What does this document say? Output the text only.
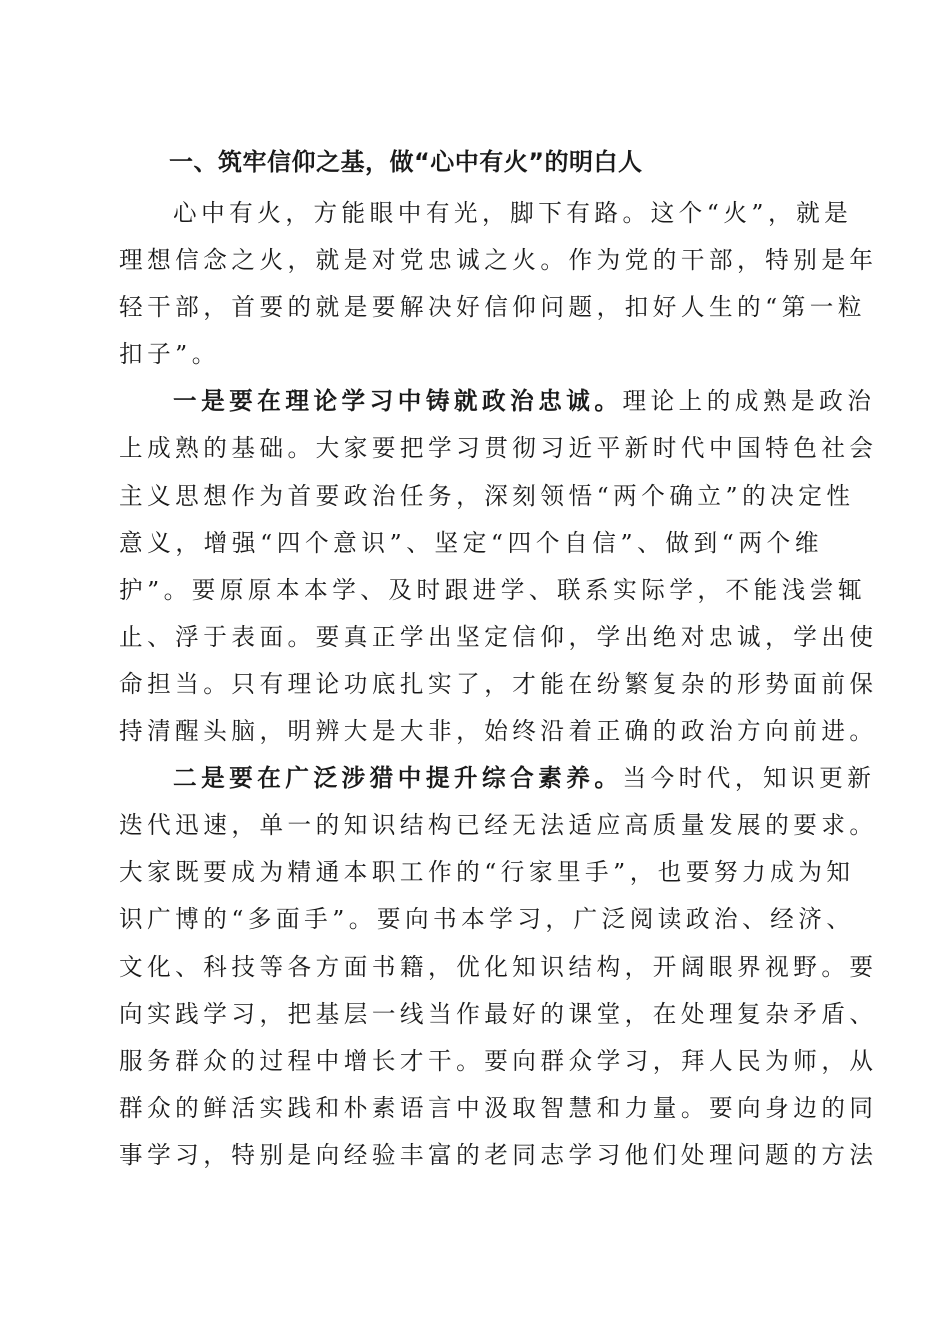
一、筑牢信仰之基，做“心中有火”的明白人
心中有火，方能眼中有光，脚下有路。这个“火”，就是
理想信念之火，就是对党忠诚之火。作为党的干部，特别是年
轻干部，首要的就是要解决好信仰问题，扣好人生的“第一粒
扣子”。
一是要在理论学习中铸就政治忠诚。理论上的成熟是政治
上成熟的基础。大家要把学习贯彻习近平新时代中国特色社会
主义思想作为首要政治任务，深刻领悟“两个确立”的决定性
意义，增强“四个意识”、坚定“四个自信”、做到“两个维
护”。要原原本本学、及时跟进学、联系实际学，不能浅尝辄
止、浮于表面。要真正学出坚定信仰，学出绝对忠诚，学出使
命担当。只有理论功底扎实了，才能在纷繁复杂的形势面前保
持清醒头脑，明辨大是大非，始终沿着正确的政治方向前进。
二是要在广泛涉猎中提升综合素养。当今时代，知识更新
迭代迅速，单一的知识结构已经无法适应高质量发展的要求。
大家既要成为精通本职工作的“行家里手”，也要努力成为知
识广博的“多面手”。要向书本学习，广泛阅读政治、经济、
文化、科技等各方面书籍，优化知识结构，开阔眼界视野。要
向实践学习，把基层一线当作最好的课堂，在处理复杂矛盾、
服务群众的过程中增长才干。要向群众学习，拜人民为师，从
群众的鲜活实践和朴素语言中汲取智慧和力量。要向身边的同
事学习，特别是向经验丰富的老同志学习他们处理问题的方法
